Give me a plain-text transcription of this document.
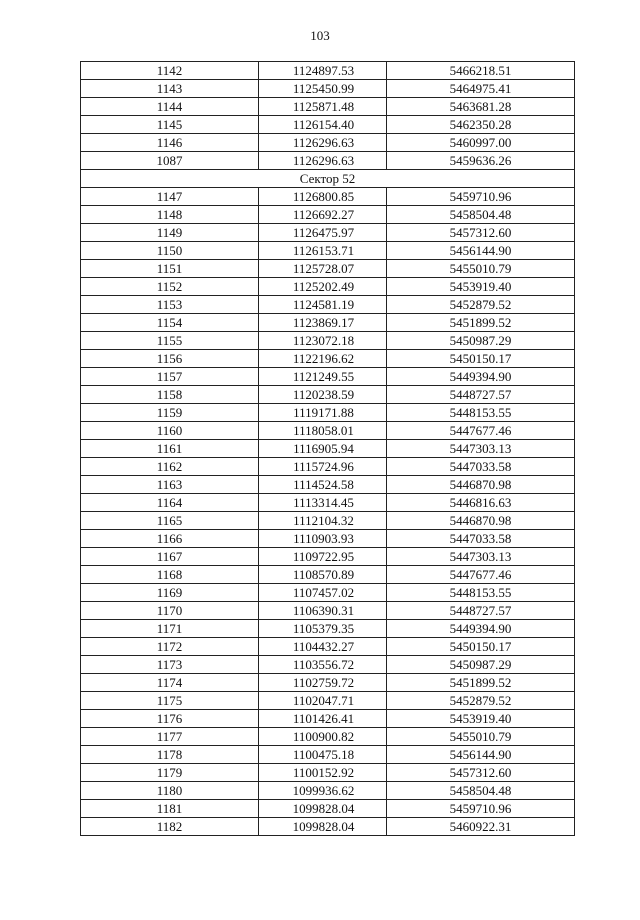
103
1142	1124897.53	5466218.51
1143	1125450.99	5464975.41
1144	1125871.48	5463681.28
1145	1126154.40	5462350.28
1146	1126296.63	5460997.00
1087	1126296.63	5459636.26
Сектор 52		
1147	1126800.85	5459710.96
1148	1126692.27	5458504.48
1149	1126475.97	5457312.60
1150	1126153.71	5456144.90
1151	1125728.07	5455010.79
1152	1125202.49	5453919.40
1153	1124581.19	5452879.52
1154	1123869.17	5451899.52
1155	1123072.18	5450987.29
1156	1122196.62	5450150.17
1157	1121249.55	5449394.90
1158	1120238.59	5448727.57
1159	1119171.88	5448153.55
1160	1118058.01	5447677.46
1161	1116905.94	5447303.13
1162	1115724.96	5447033.58
1163	1114524.58	5446870.98
1164	1113314.45	5446816.63
1165	1112104.32	5446870.98
1166	1110903.93	5447033.58
1167	1109722.95	5447303.13
1168	1108570.89	5447677.46
1169	1107457.02	5448153.55
1170	1106390.31	5448727.57
1171	1105379.35	5449394.90
1172	1104432.27	5450150.17
1173	1103556.72	5450987.29
1174	1102759.72	5451899.52
1175	1102047.71	5452879.52
1176	1101426.41	5453919.40
1177	1100900.82	5455010.79
1178	1100475.18	5456144.90
1179	1100152.92	5457312.60
1180	1099936.62	5458504.48
1181	1099828.04	5459710.96
1182	1099828.04	5460922.31
